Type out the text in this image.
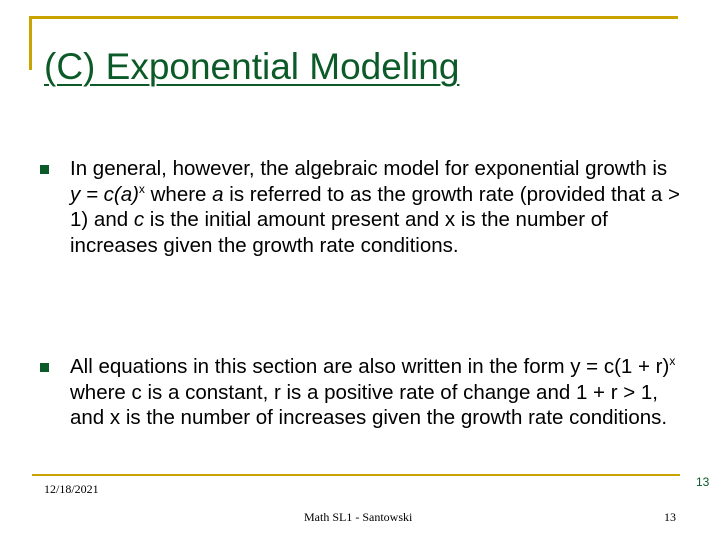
(C) Exponential Modeling
In general, however, the algebraic model for exponential growth is $y = c(a)^x$ where a is referred to as the growth rate (provided that a > 1) and c is the initial amount present and x is the number of increases given the growth rate conditions.
All equations in this section are also written in the form $y = c(1 + r)^x$ where c is a constant, r is a positive rate of change and 1 + r > 1, and x is the number of increases given the growth rate conditions.
12/18/2021
Math SL1 - Santowski	13
13
